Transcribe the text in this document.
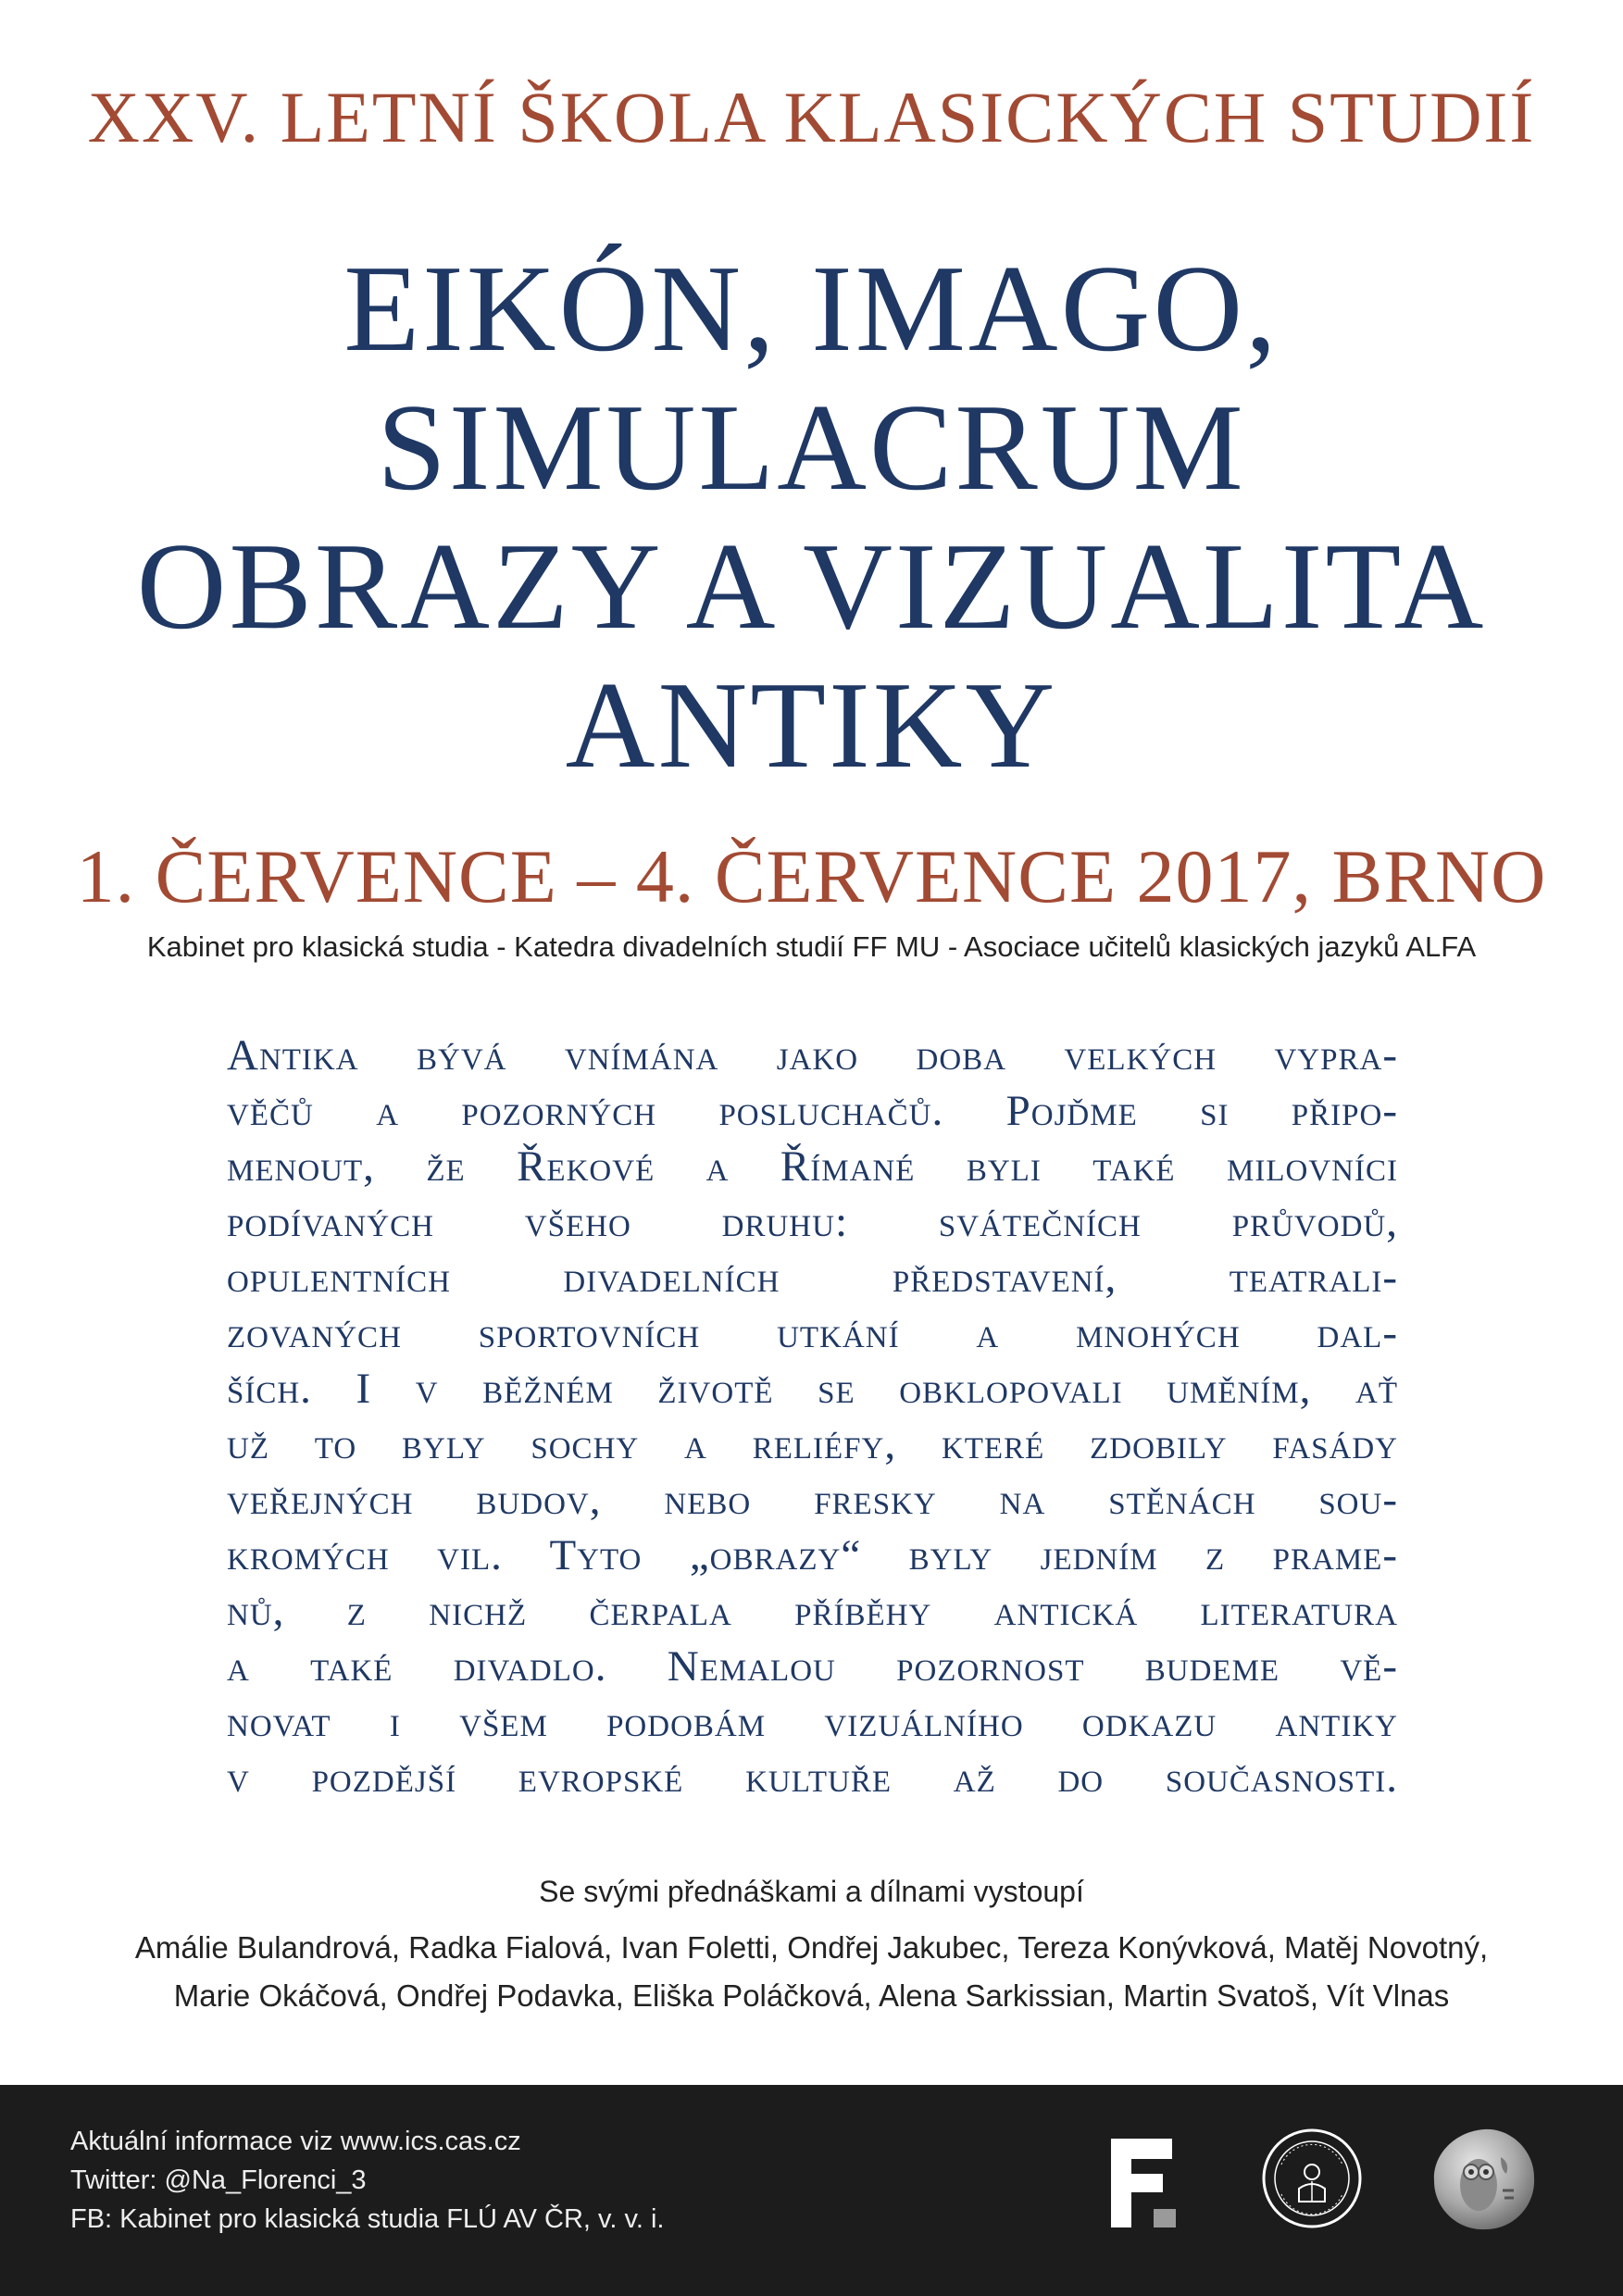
XXV. LETNÍ ŠKOLA KLASICKÝCH STUDIÍ
EIKÓN, IMAGO,
SIMULACRUM
OBRAZY A VIZUALITA
ANTIKY
1. ČERVENCE – 4. ČERVENCE 2017, BRNO
Kabinet pro klasická studia - Katedra divadelních studií FF MU - Asociace učitelů klasických jazyků ALFA
Antika bývá vnímána jako doba velkých vypra-
věčů a pozorných posluchačů. Pojďme si připo-
menout, že Řekové a Římané byli také milovníci
podívaných všeho druhu: svátečních průvodů,
opulentních divadelních představení, teatrali-
zovaných sportovních utkání a mnohých dal-
ších. I v běžném životě se obklopovali uměním, ať
už to byly sochy a reliéfy, které zdobily fasády
veřejných budov, nebo fresky na stěnách sou-
kromých vil. Tyto „obrazy“ byly jedním z prame-
nů, z nichž čerpala příběhy antická literatura
a také divadlo. Nemalou pozornost budeme vě-
novat i všem podobám vizuálního odkazu antiky
v pozdější evropské kultuře až do současnosti.
Se svými přednáškami a dílnami vystoupí
Amálie Bulandrová, Radka Fialová, Ivan Foletti, Ondřej Jakubec, Tereza Konývková, Matěj Novotný,
Marie Okáčová, Ondřej Podavka, Eliška Poláčková, Alena Sarkissian, Martin Svatoš, Vít Vlnas
Aktuální informace viz www.ics.cas.cz
Twitter: @Na_Florenci_3
FB: Kabinet pro klasická studia FLÚ AV ČR, v. v. i.
